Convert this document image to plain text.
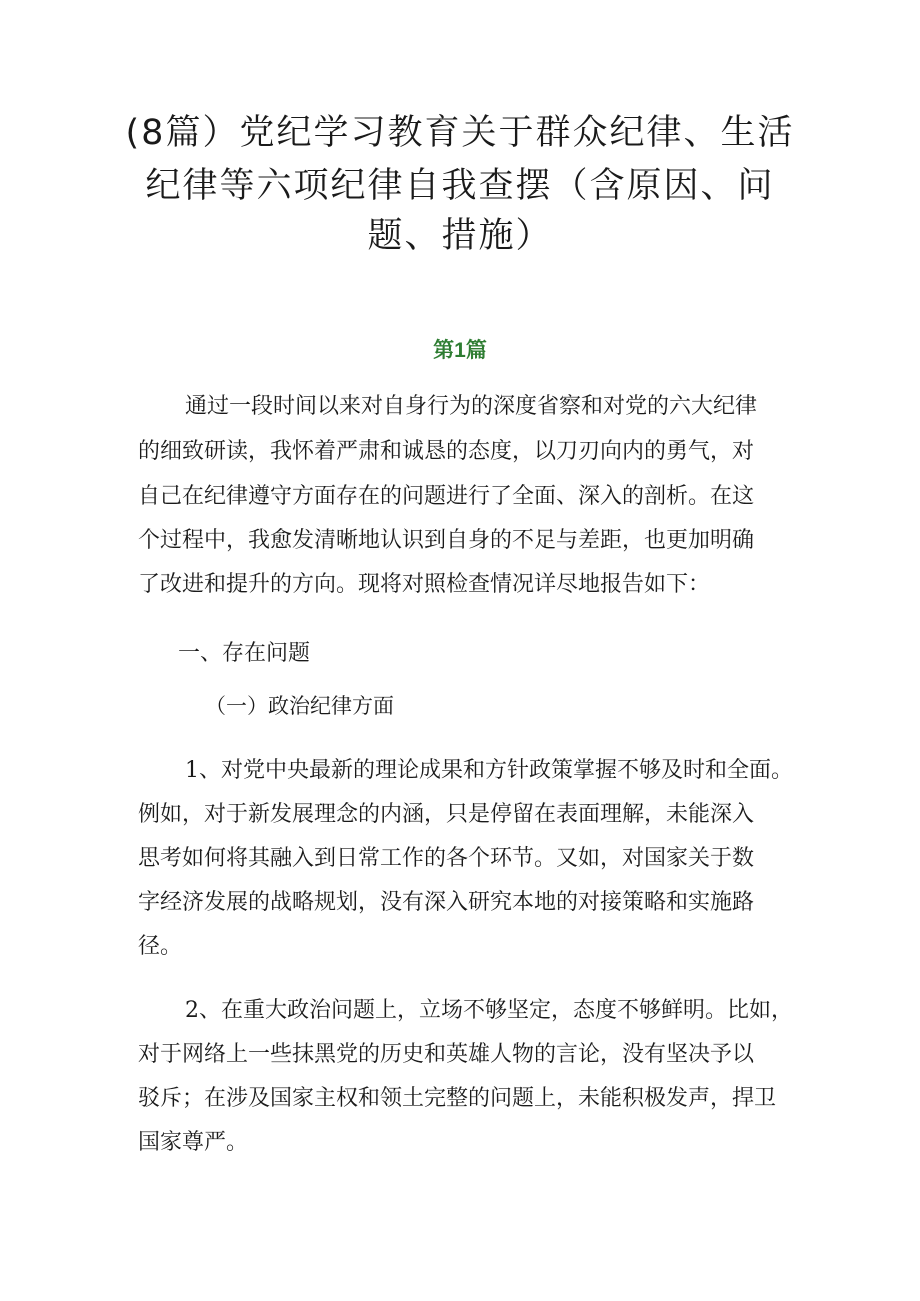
(8篇）党纪学习教育关于群众纪律、生活
纪律等六项纪律自我查摆（含原因、问
题、措施）
第1篇
通过一段时间以来对自身行为的深度省察和对党的六大纪律
的细致研读，我怀着严肃和诚恳的态度，以刀刃向内的勇气，对
自己在纪律遵守方面存在的问题进行了全面、深入的剖析。在这
个过程中，我愈发清晰地认识到自身的不足与差距，也更加明确
了改进和提升的方向。现将对照检查情况详尽地报告如下：
一、存在问题
（一）政治纪律方面
1、对党中央最新的理论成果和方针政策掌握不够及时和全面。
例如，对于新发展理念的内涵，只是停留在表面理解，未能深入
思考如何将其融入到日常工作的各个环节。又如，对国家关于数
字经济发展的战略规划，没有深入研究本地的对接策略和实施路
径。
2、在重大政治问题上，立场不够坚定，态度不够鲜明。比如，
对于网络上一些抹黑党的历史和英雄人物的言论，没有坚决予以
驳斥；在涉及国家主权和领土完整的问题上，未能积极发声，捍卫
国家尊严。
